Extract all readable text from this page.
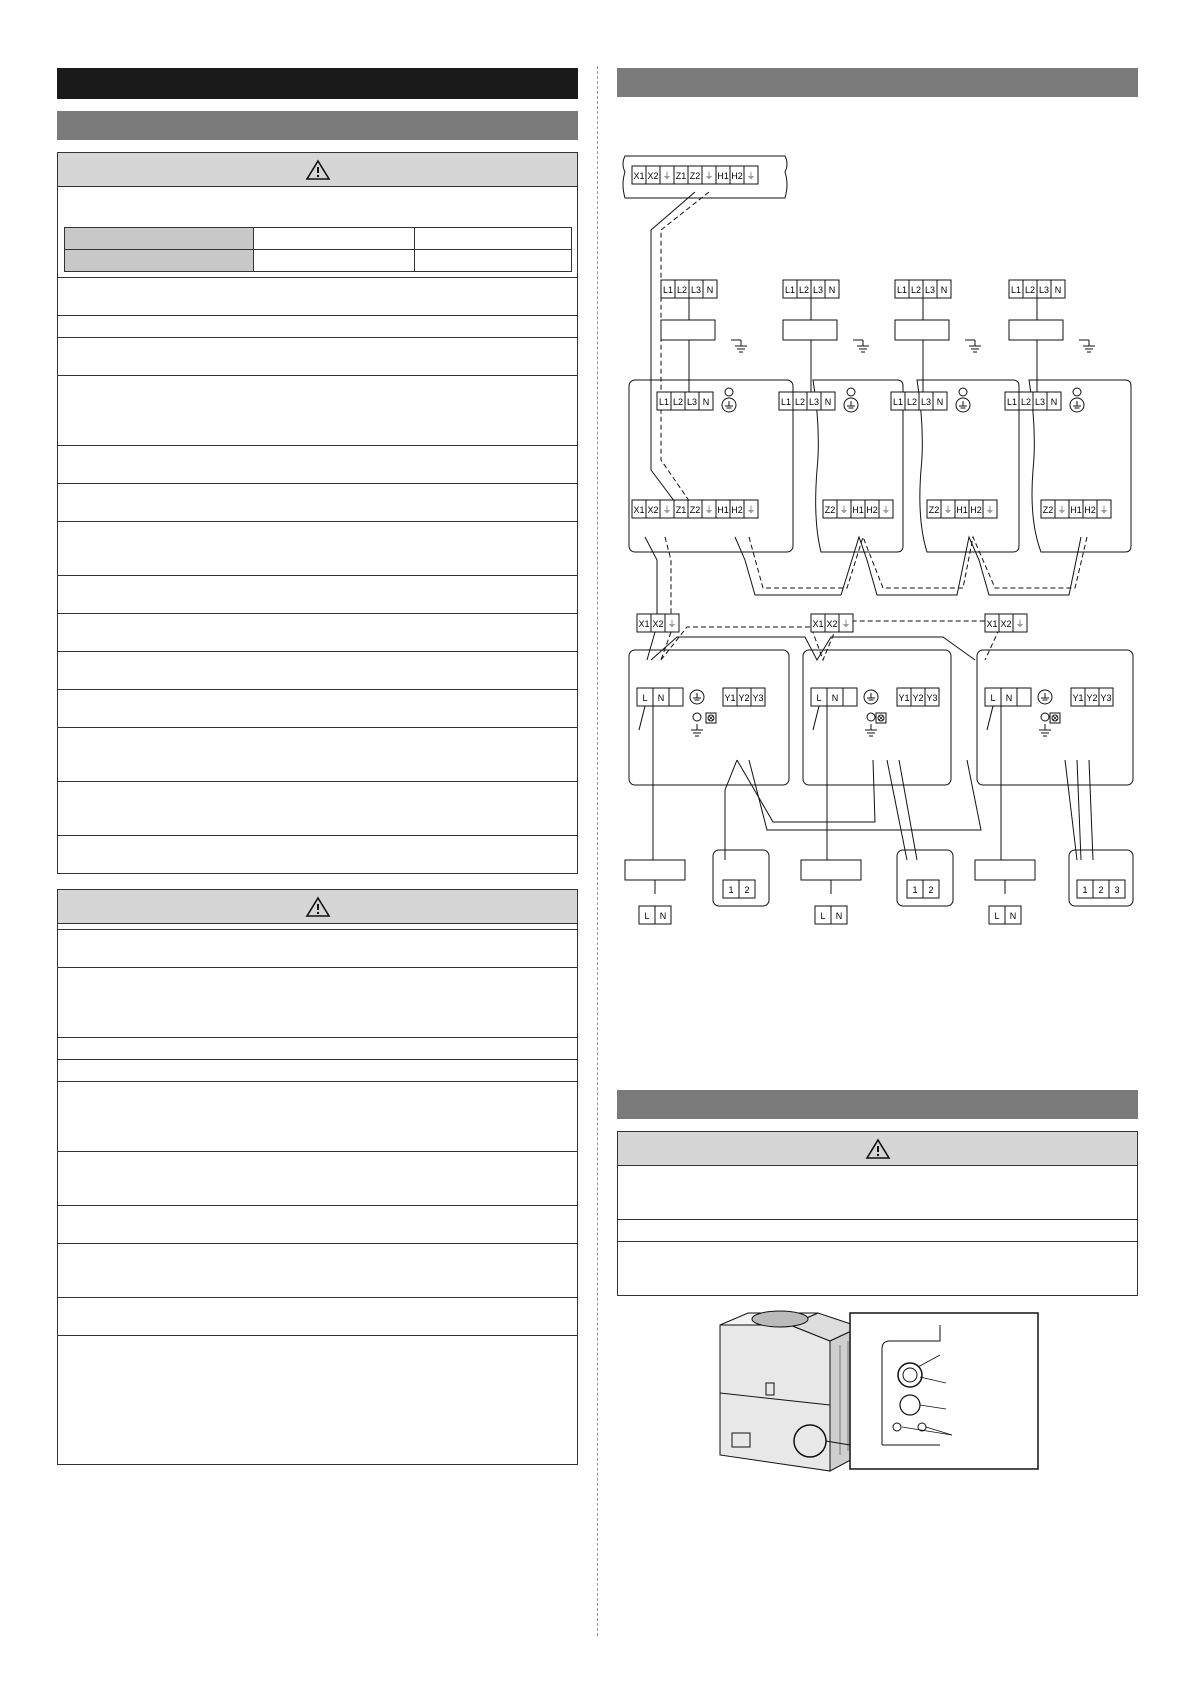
X1 X2 ⏚ Z1 Z2 ⏚ H1 H2 ⏚
L1 L2 L3 N
L1 L2 L3 N
L1 L2 L3 N
L1 L2 L3 N
L1 L2 L3 N
L1 L2 L3 N
L1 L2 L3 N
L1 L2 L3 N
X1 X2 ⏚
L N	Y1 Y2 Y3
X1 X2 ⏚
L N	Y1 Y2 Y3
X1 X2 ⏚
L N	Y1 Y2 Y3
1 2	1 2	1 2 3
L N	L N	L N
X1 X2 ⏚ Z1 Z2 ⏚ H1 H2 ⏚	Z2 ⏚ H1 H2 ⏚	Z2 ⏚ H1 H2 ⏚	Z2 ⏚ H1 H2 ⏚
